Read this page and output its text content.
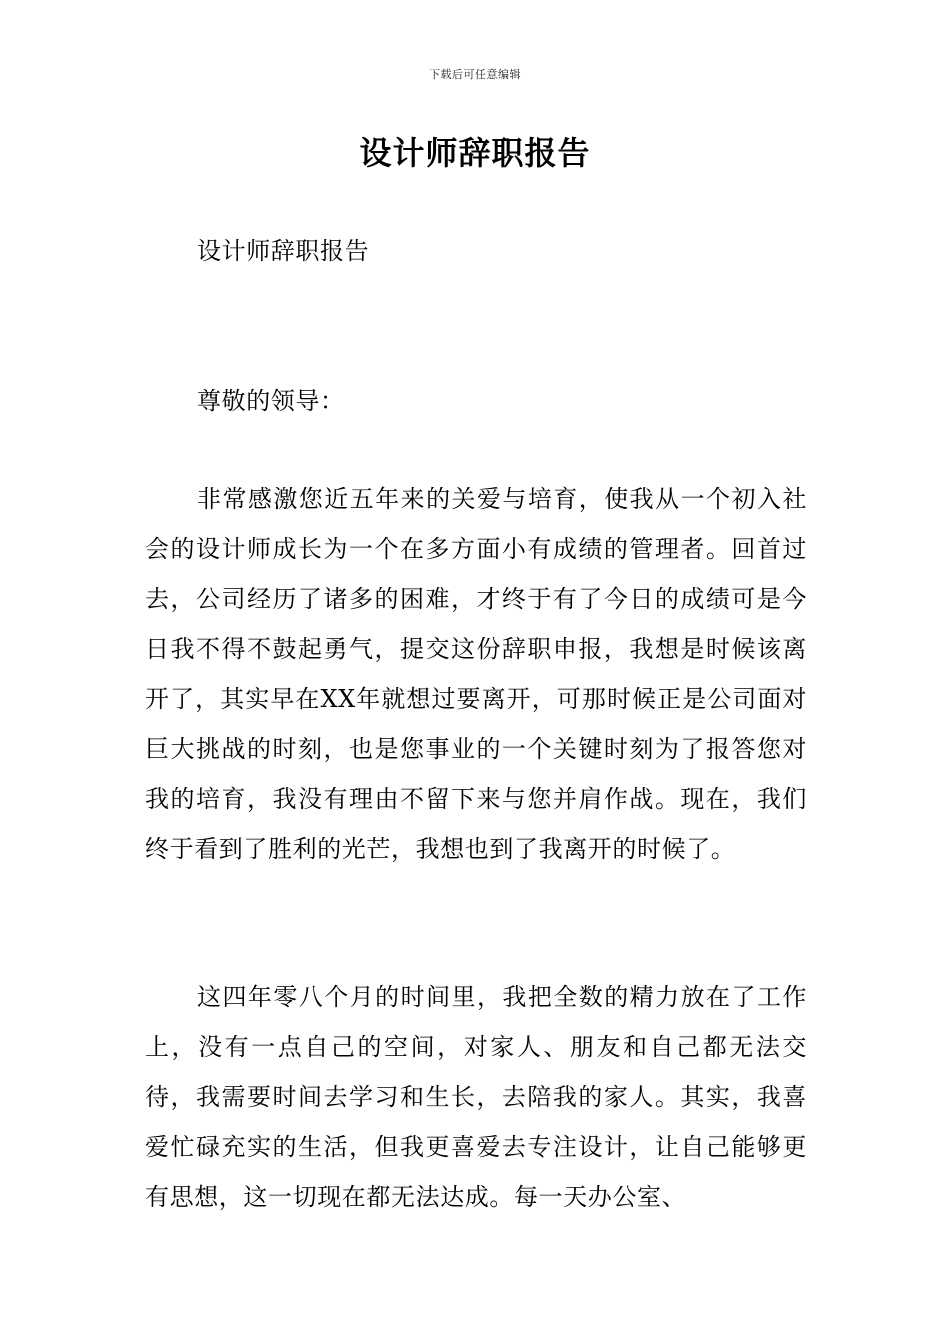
下载后可任意编辑
设计师辞职报告
设计师辞职报告
尊敬的领导：
非常感激您近五年来的关爱与培育，使我从一个初入社会的设计师成长为一个在多方面小有成绩的管理者。回首过去，公司经历了诸多的困难，才终于有了今日的成绩可是今日我不得不鼓起勇气，提交这份辞职申报，我想是时候该离开了，其实早在XX年就想过要离开，可那时候正是公司面对巨大挑战的时刻，也是您事业的一个关键时刻为了报答您对我的培育，我没有理由不留下来与您并肩作战。现在，我们终于看到了胜利的光芒，我想也到了我离开的时候了。
这四年零八个月的时间里，我把全数的精力放在了工作上，没有一点自己的空间，对家人、朋友和自己都无法交待，我需要时间去学习和生长，去陪我的家人。其实，我喜爱忙碌充实的生活，但我更喜爱去专注设计，让自己能够更有思想，这一切现在都无法达成。每一天办公室、
